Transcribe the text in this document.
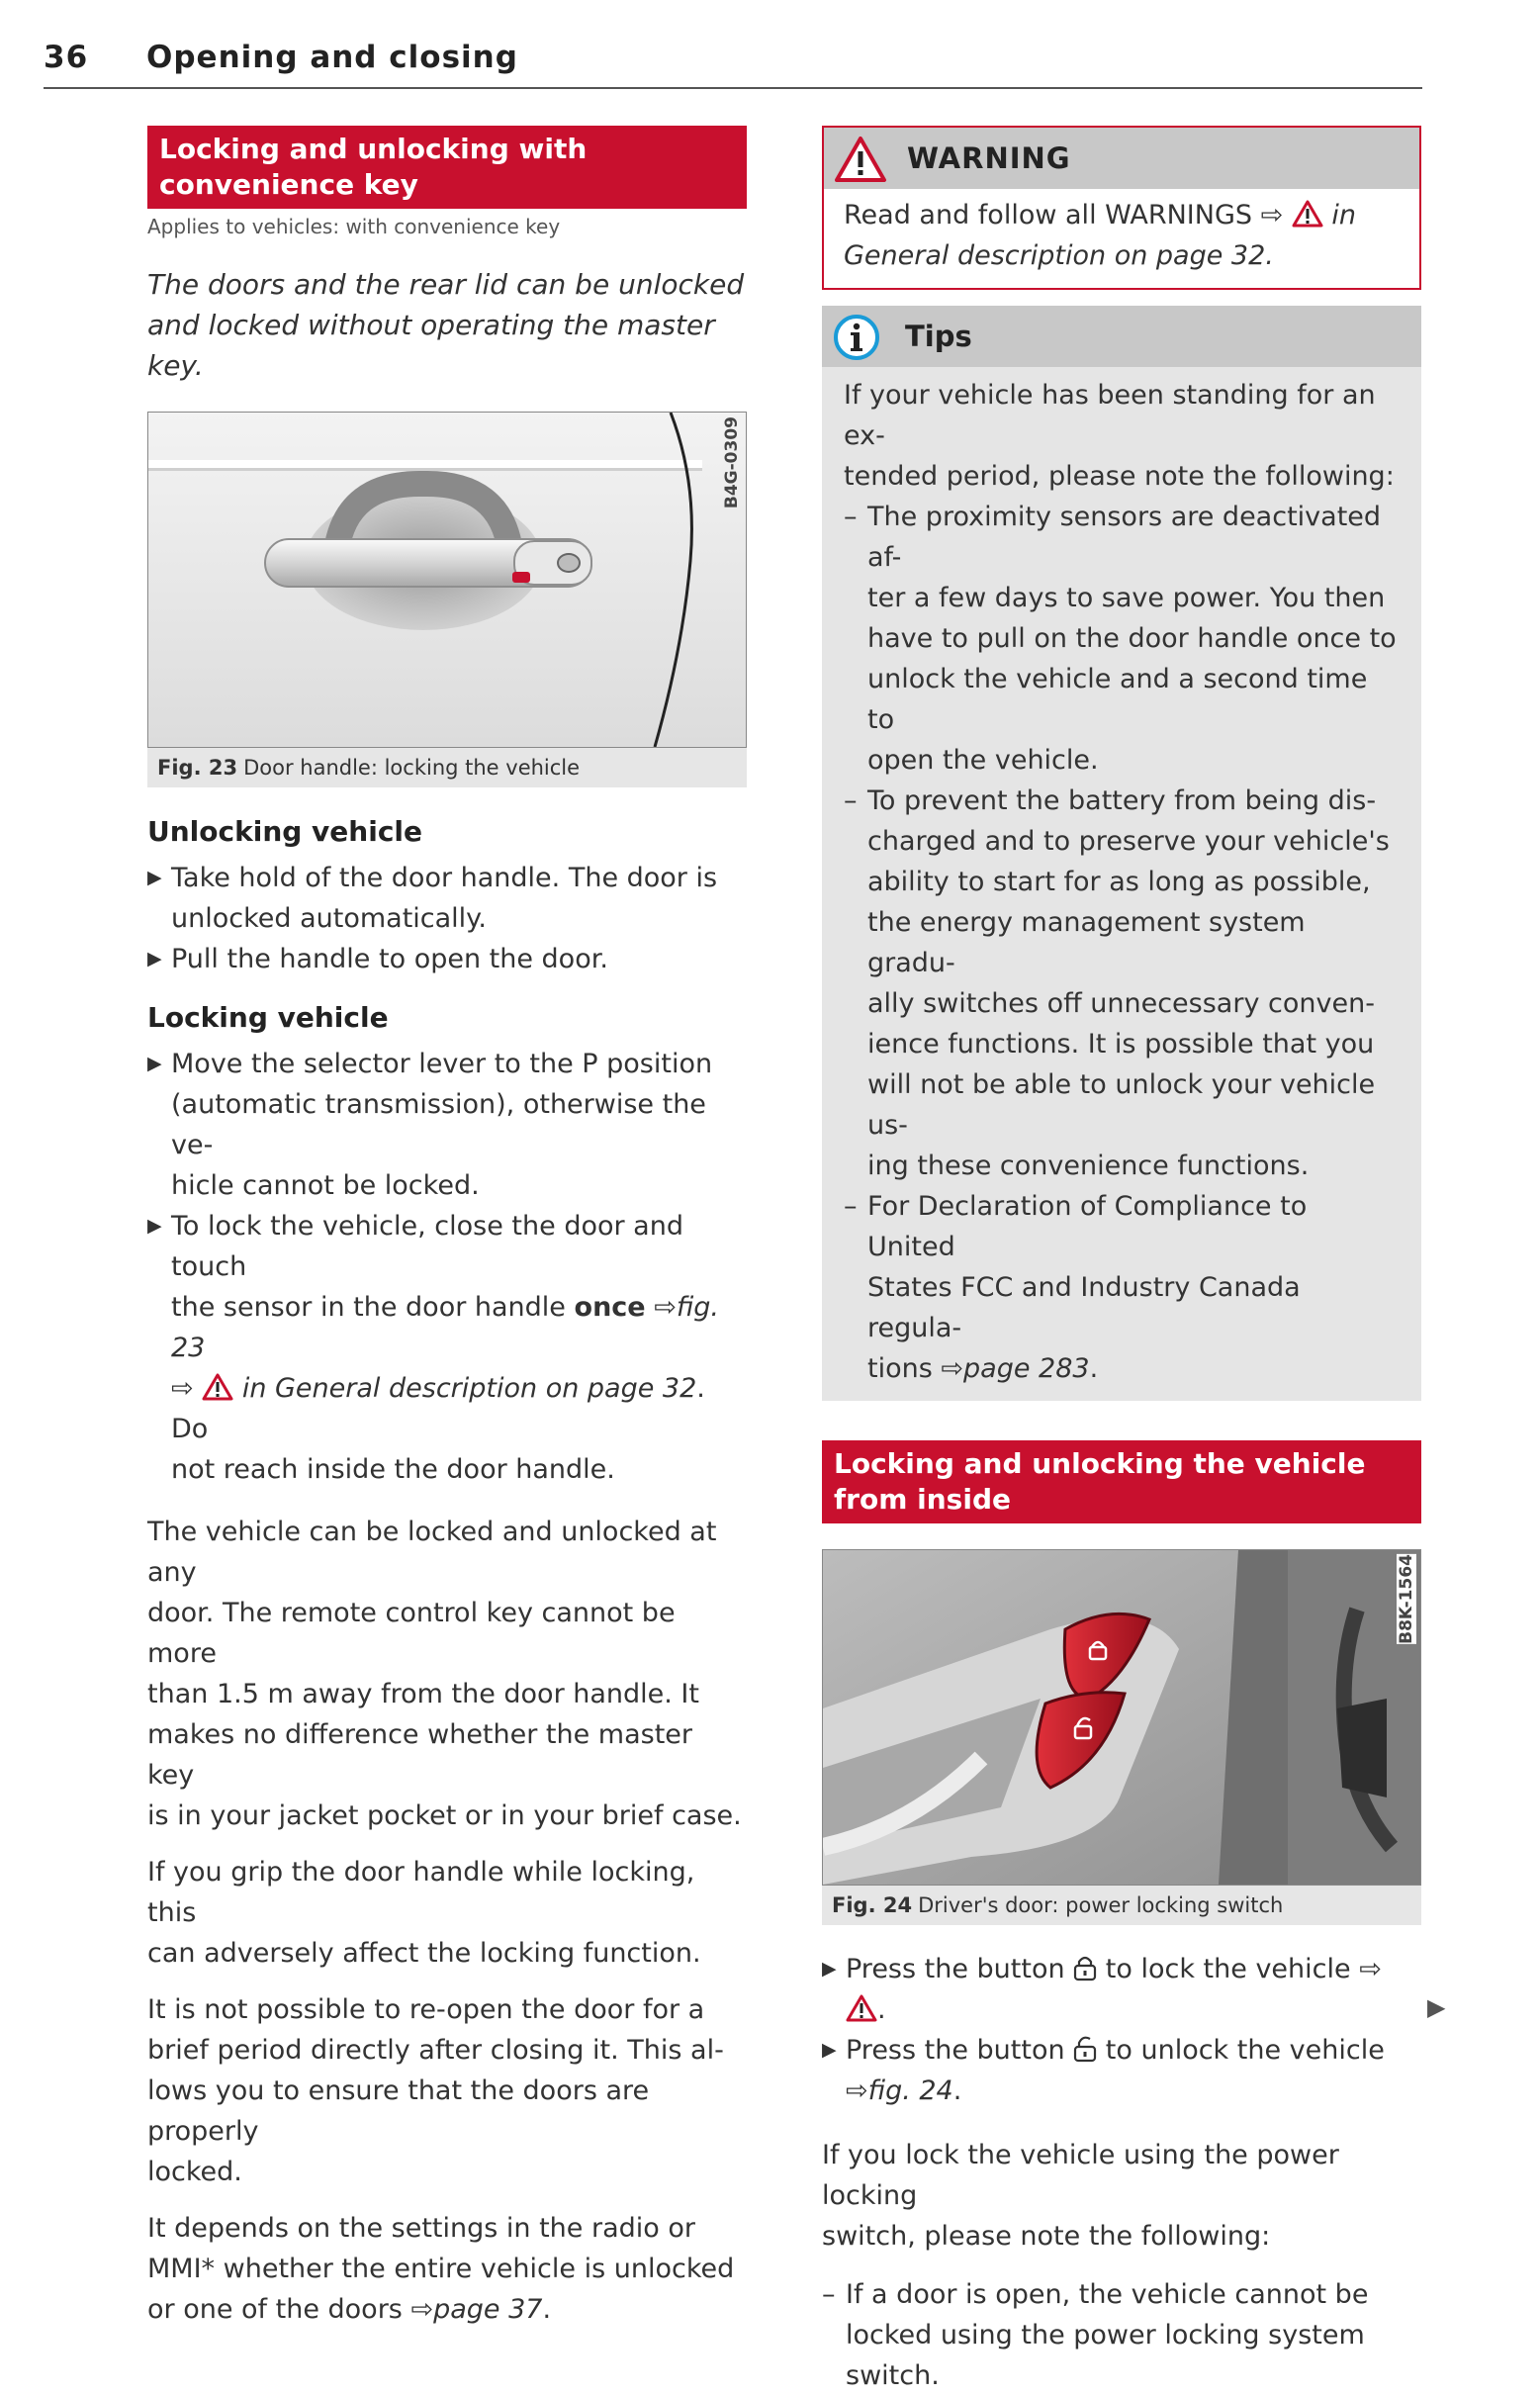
36 Opening and closing
Locking and unlocking with convenience key
Applies to vehicles: with convenience key
The doors and the rear lid can be unlocked
and locked without operating the master key.
B4G-0309
Fig. 23 Door handle: locking the vehicle
Unlocking vehicle
▶ Take hold of the door handle. The door is
unlocked automatically.
▶ Pull the handle to open the door.
Locking vehicle
▶ Move the selector lever to the P position
(automatic transmission), otherwise the ve-
hicle cannot be locked.
▶ To lock the vehicle, close the door and touch
the sensor in the door handle once ⇨fig. 23
⇨ in General description on page 32. Do
not reach inside the door handle.
The vehicle can be locked and unlocked at any
door. The remote control key cannot be more
than 1.5 m away from the door handle. It
makes no difference whether the master key
is in your jacket pocket or in your brief case.
If you grip the door handle while locking, this
can adversely affect the locking function.
It is not possible to re-open the door for a
brief period directly after closing it. This al-
lows you to ensure that the doors are properly
locked.
It depends on the settings in the radio or
MMI* whether the entire vehicle is unlocked
or one of the doors ⇨page 37.
WARNING
Read and follow all WARNINGS ⇨ in
General description on page 32.
Tips
If your vehicle has been standing for an ex-
tended period, please note the following:
– The proximity sensors are deactivated af-
ter a few days to save power. You then
have to pull on the door handle once to
unlock the vehicle and a second time to
open the vehicle.
– To prevent the battery from being dis-
charged and to preserve your vehicle's
ability to start for as long as possible,
the energy management system gradu-
ally switches off unnecessary conven-
ience functions. It is possible that you
will not be able to unlock your vehicle us-
ing these convenience functions.
– For Declaration of Compliance to United
States FCC and Industry Canada regula-
tions ⇨page 283.
Locking and unlocking the vehicle from inside
B8K-1564
Fig. 24 Driver's door: power locking switch
▶ Press the button to lock the vehicle ⇨ .
▶ Press the button to unlock the vehicle
⇨fig. 24.
If you lock the vehicle using the power locking
switch, please note the following:
– If a door is open, the vehicle cannot be
locked using the power locking system
switch.
▶
